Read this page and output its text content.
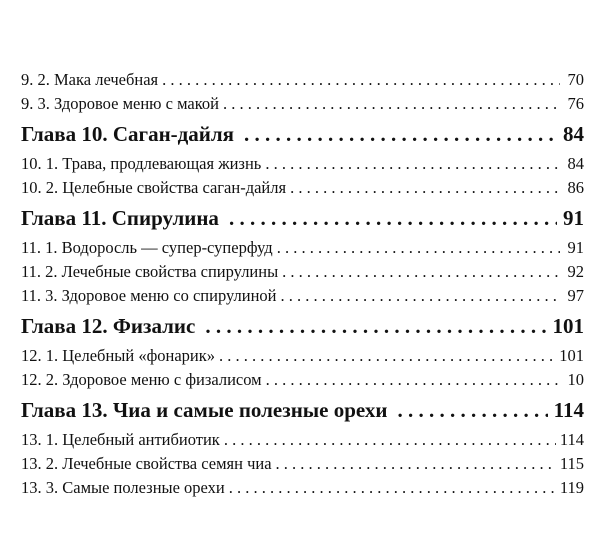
9. 2. Мака лечебная . . .	70
9. 3. Здоровое меню с макой . . .	76
Глава 10. Саган-дайля . . .	84
10. 1. Трава, продлевающая жизнь . . .	84
10. 2. Целебные свойства саган-дайля . . .	86
Глава 11. Спирулина . . .	91
11. 1. Водоросль — супер-суперфуд . . .	91
11. 2. Лечебные свойства спирулины . . .	92
11. 3. Здоровое меню со спирулиной . . .	97
Глава 12. Физалис . . .	101
12. 1. Целебный «фонарик» . . .	101
12. 2. Здоровое меню с физалисом . . .	10
Глава 13. Чиа и самые полезные орехи . . .	114
13. 1. Целебный антибиотик . . .	114
13. 2. Лечебные свойства семян чиа . . .	115
13. 3. Самые полезные орехи . . .	119
